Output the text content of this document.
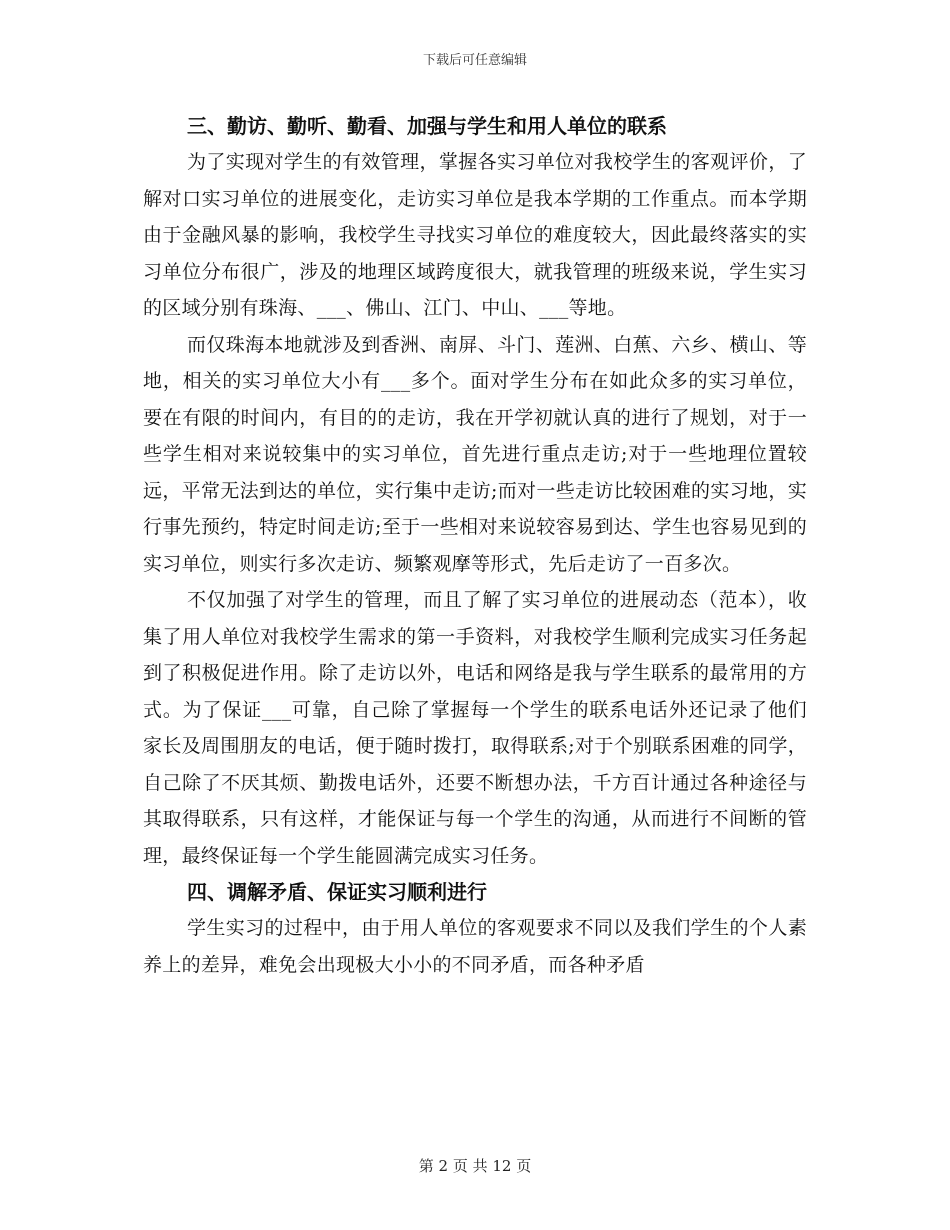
下载后可任意编辑
三、勤访、勤听、勤看、加强与学生和用人单位的联系

为了实现对学生的有效管理，掌握各实习单位对我校学生的客观评价，了解对口实习单位的进展变化，走访实习单位是我本学期的工作重点。而本学期由于金融风暴的影响，我校学生寻找实习单位的难度较大，因此最终落实的实习单位分布很广，涉及的地理区域跨度很大，就我管理的班级来说，学生实习的区域分别有珠海、___、佛山、江门、中山、___等地。

而仅珠海本地就涉及到香洲、南屏、斗门、莲洲、白蕉、六乡、横山、等地，相关的实习单位大小有___多个。面对学生分布在如此众多的实习单位，要在有限的时间内，有目的的走访，我在开学初就认真的进行了规划，对于一些学生相对来说较集中的实习单位，首先进行重点走访;对于一些地理位置较远，平常无法到达的单位，实行集中走访;而对一些走访比较困难的实习地，实行事先预约，特定时间走访;至于一些相对来说较容易到达、学生也容易见到的实习单位，则实行多次走访、频繁观摩等形式，先后走访了一百多次。

不仅加强了对学生的管理，而且了解了实习单位的进展动态（范本），收集了用人单位对我校学生需求的第一手资料，对我校学生顺利完成实习任务起到了积极促进作用。除了走访以外，电话和网络是我与学生联系的最常用的方式。为了保证___可靠，自己除了掌握每一个学生的联系电话外还记录了他们家长及周围朋友的电话，便于随时拨打，取得联系;对于个别联系困难的同学，自己除了不厌其烦、勤拨电话外，还要不断想办法，千方百计通过各种途径与其取得联系，只有这样，才能保证与每一个学生的沟通，从而进行不间断的管理，最终保证每一个学生能圆满完成实习任务。

四、调解矛盾、保证实习顺利进行

学生实习的过程中，由于用人单位的客观要求不同以及我们学生的个人素养上的差异，难免会出现极大小小的不同矛盾，而各种矛盾

第 2 页 共 12 页
